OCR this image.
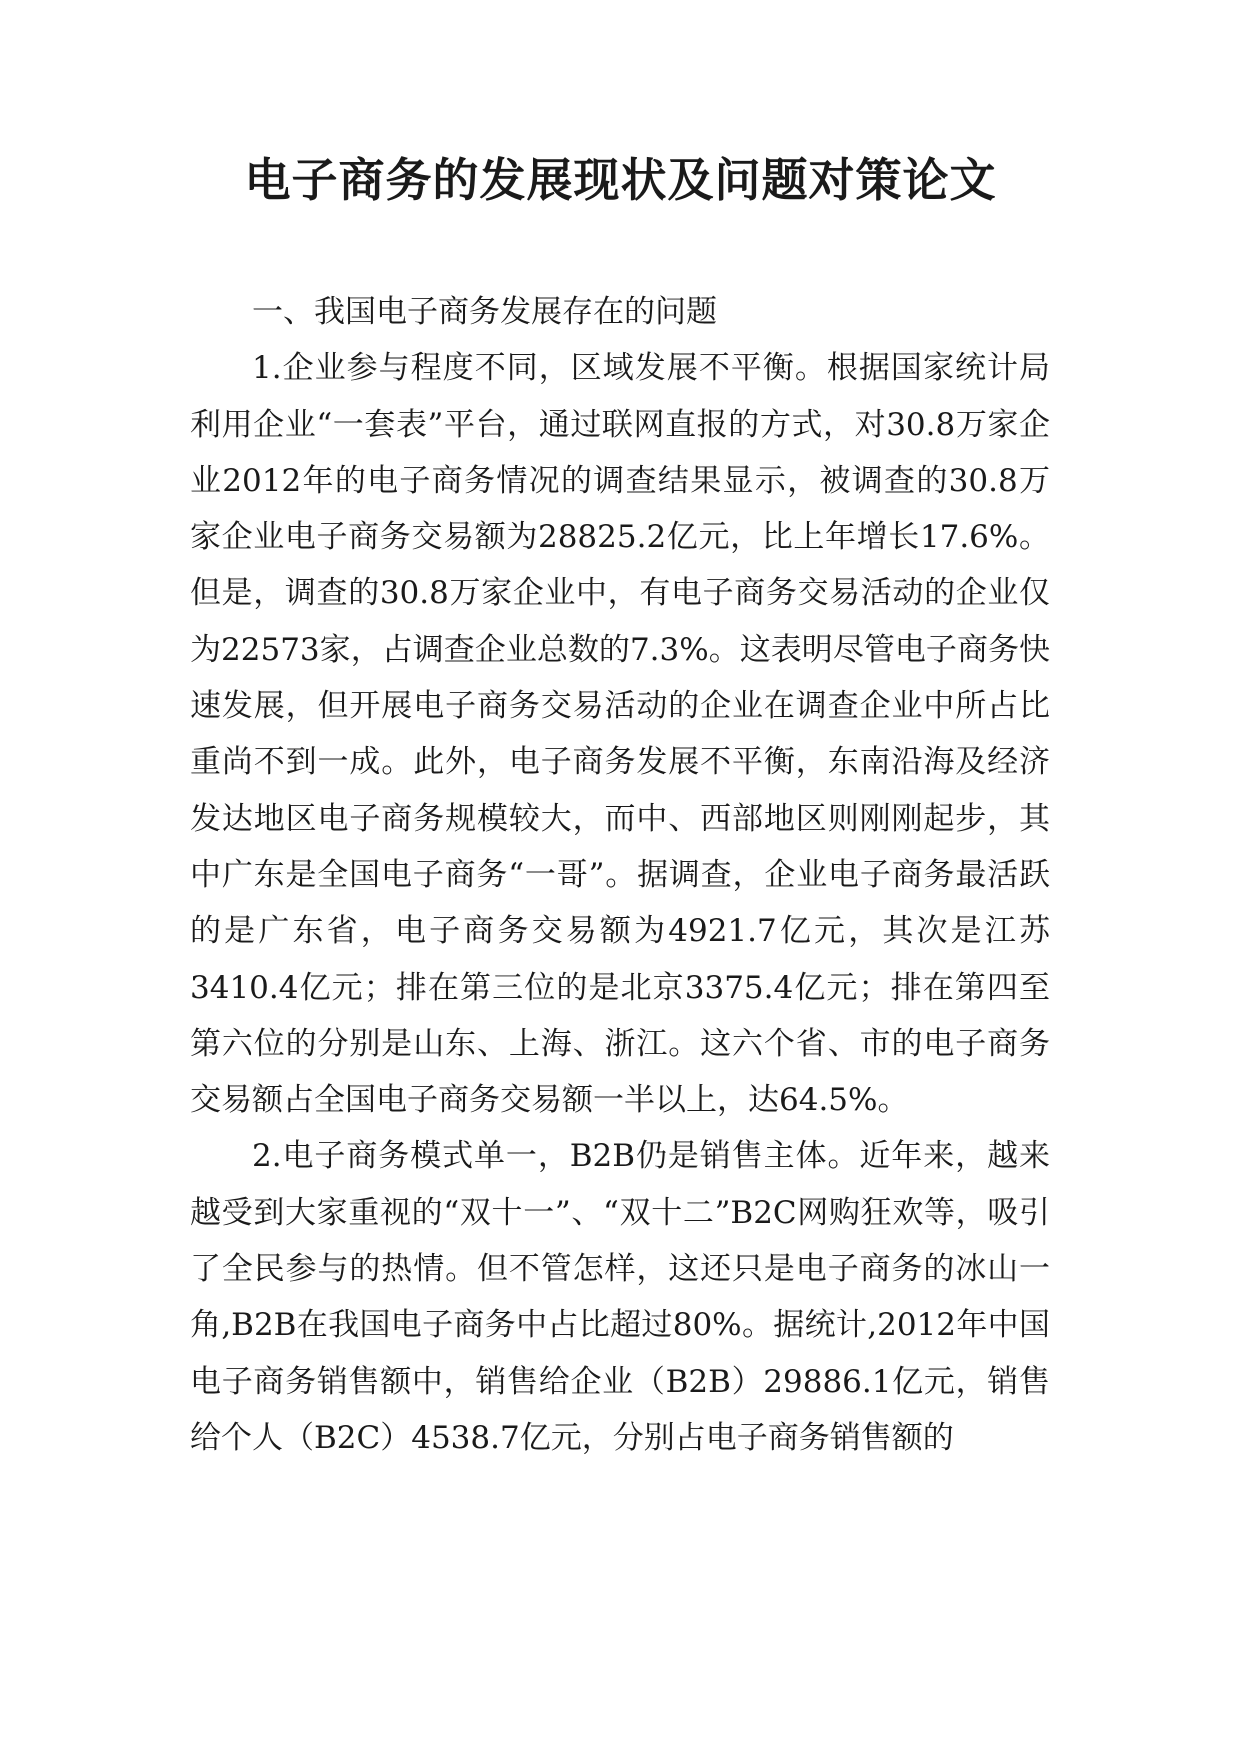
电子商务的发展现状及问题对策论文

一、我国电子商务发展存在的问题

1.企业参与程度不同，区域发展不平衡。根据国家统计局利用企业“一套表”平台，通过联网直报的方式，对30.8万家企业2012年的电子商务情况的调查结果显示，被调查的30.8万家企业电子商务交易额为28825.2亿元，比上年增长17.6%。但是，调查的30.8万家企业中，有电子商务交易活动的企业仅为22573家，占调查企业总数的7.3%。这表明尽管电子商务快速发展，但开展电子商务交易活动的企业在调查企业中所占比重尚不到一成。此外，电子商务发展不平衡，东南沿海及经济发达地区电子商务规模较大，而中、西部地区则刚刚起步，其中广东是全国电子商务“一哥”。据调查，企业电子商务最活跃的是广东省，电子商务交易额为4921.7亿元，其次是江苏3410.4亿元；排在第三位的是北京3375.4亿元；排在第四至第六位的分别是山东、上海、浙江。这六个省、市的电子商务交易额占全国电子商务交易额一半以上，达64.5%。

2.电子商务模式单一，B2B仍是销售主体。近年来，越来越受到大家重视的“双十一”、“双十二”B2C网购狂欢等，吸引了全民参与的热情。但不管怎样，这还只是电子商务的冰山一角,B2B在我国电子商务中占比超过80%。据统计,2012年中国电子商务销售额中，销售给企业（B2B）29886.1亿元，销售给个人（B2C）4538.7亿元，分别占电子商务销售额的
